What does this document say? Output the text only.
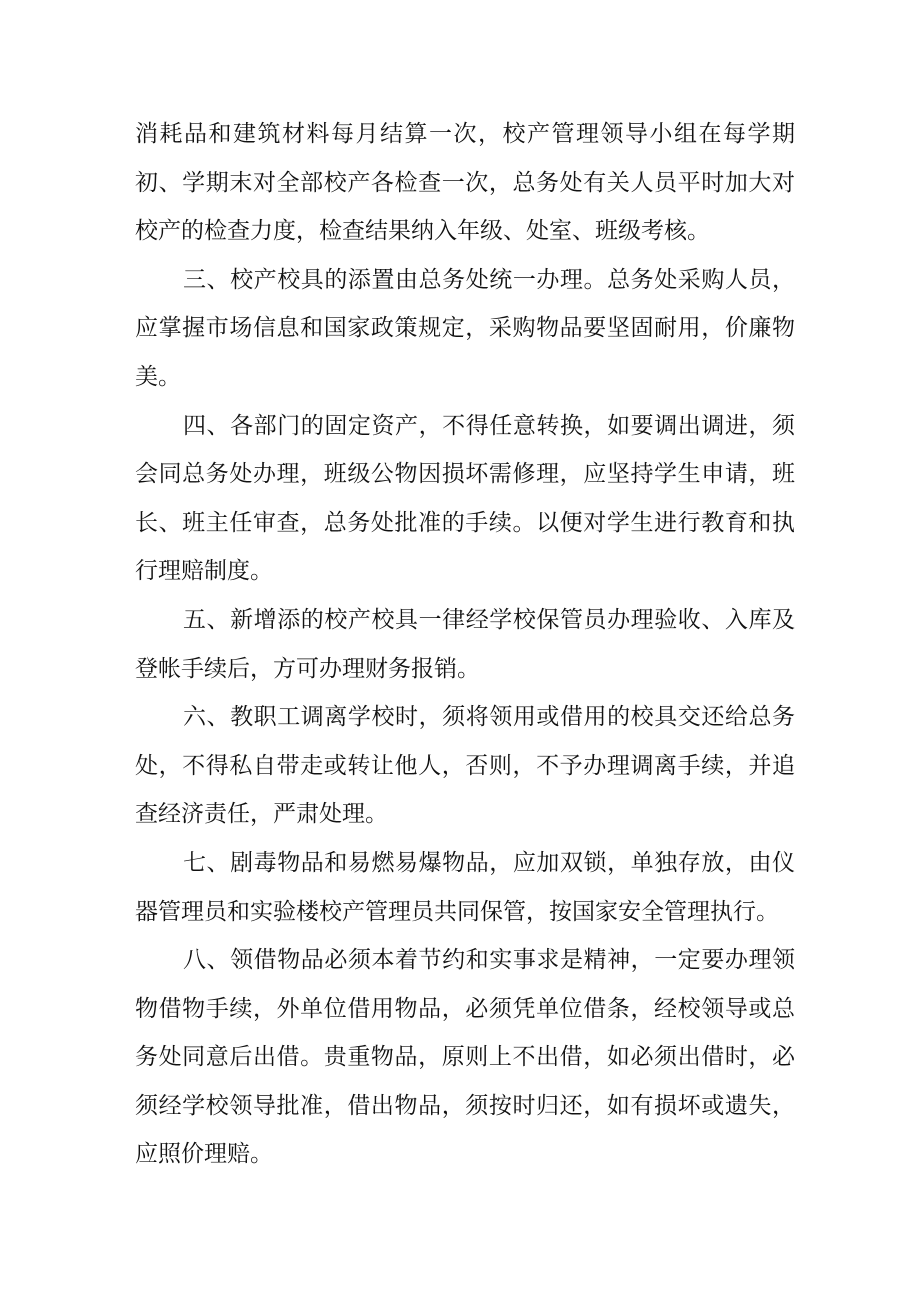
消耗品和建筑材料每月结算一次，校产管理领导小组在每学期初、学期末对全部校产各检查一次，总务处有关人员平时加大对校产的检查力度，检查结果纳入年级、处室、班级考核。

三、校产校具的添置由总务处统一办理。总务处采购人员，应掌握市场信息和国家政策规定，采购物品要坚固耐用，价廉物美。

四、各部门的固定资产，不得任意转换，如要调出调进，须会同总务处办理，班级公物因损坏需修理，应坚持学生申请，班长、班主任审查，总务处批准的手续。以便对学生进行教育和执行理赔制度。

五、新增添的校产校具一律经学校保管员办理验收、入库及登帐手续后，方可办理财务报销。

六、教职工调离学校时，须将领用或借用的校具交还给总务处，不得私自带走或转让他人，否则，不予办理调离手续，并追查经济责任，严肃处理。

七、剧毒物品和易燃易爆物品，应加双锁，单独存放，由仪器管理员和实验楼校产管理员共同保管，按国家安全管理执行。

八、领借物品必须本着节约和实事求是精神，一定要办理领物借物手续，外单位借用物品，必须凭单位借条，经校领导或总务处同意后出借。贵重物品，原则上不出借，如必须出借时，必须经学校领导批准，借出物品，须按时归还，如有损坏或遗失，应照价理赔。
